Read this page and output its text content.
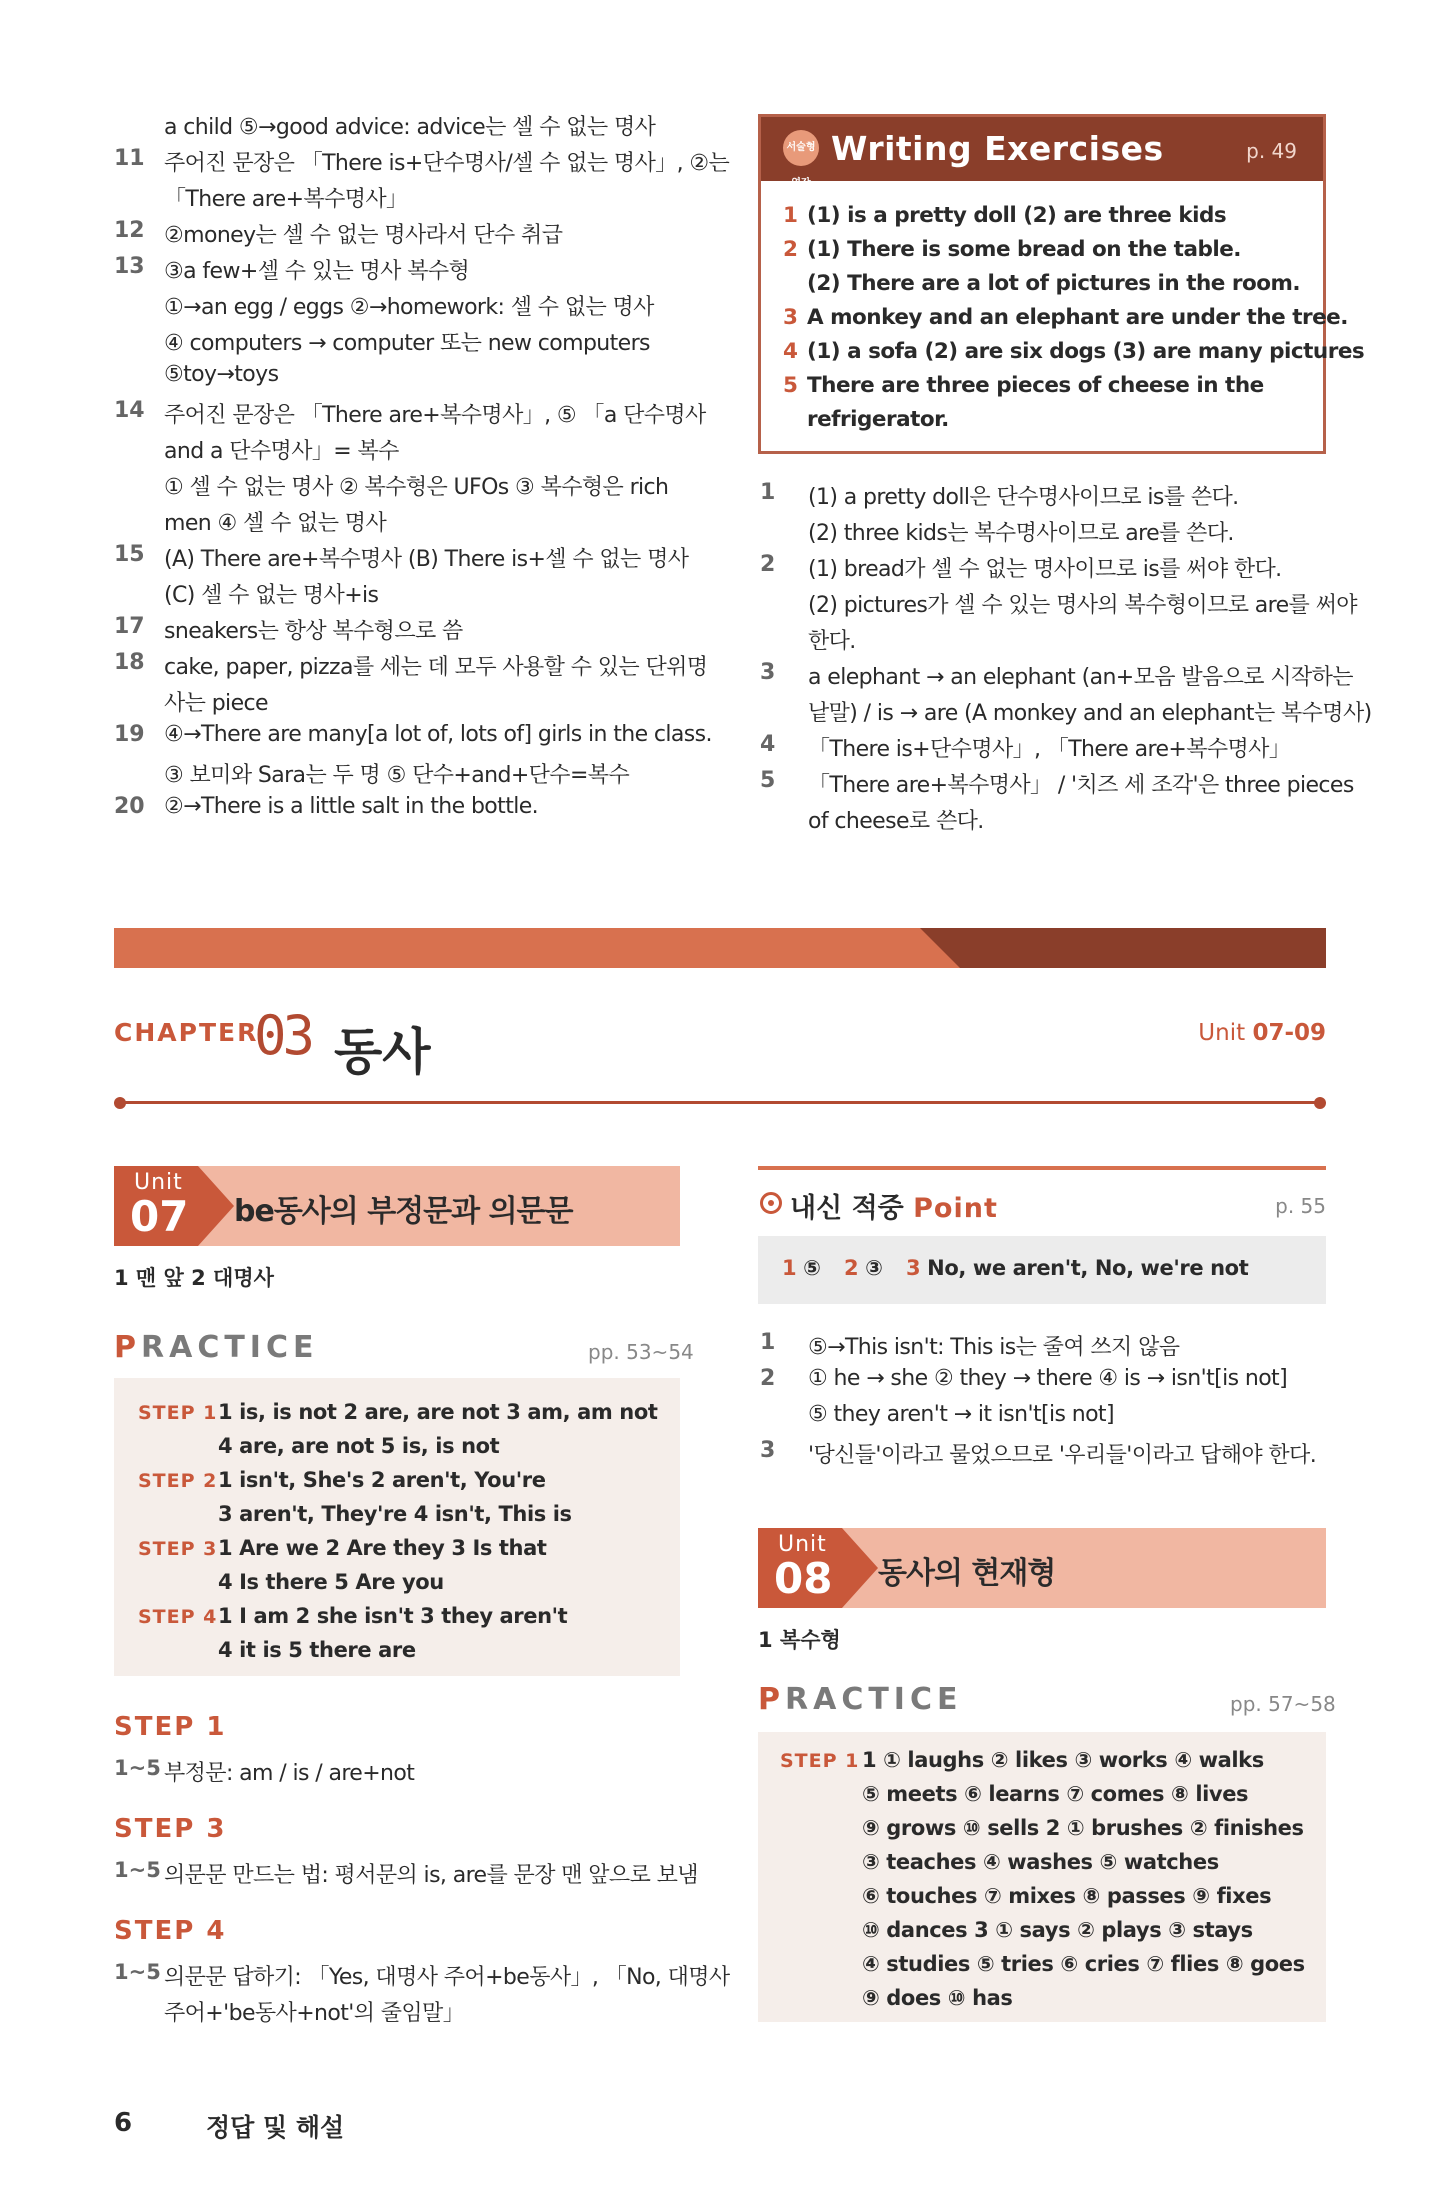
a child ⑤→good advice: advice는 셀 수 없는 명사
11 주어진 문장은 「There is+단수명사/셀 수 없는 명사」, ②는
「There are+복수명사」
12 ②money는 셀 수 없는 명사라서 단수 취급
13 ③a few+셀 수 있는 명사 복수형
①→an egg / eggs ②→homework: 셀 수 없는 명사
④ computers → computer 또는 new computers
⑤toy→toys
14 주어진 문장은 「There are+복수명사」, ⑤ 「a 단수명사
and a 단수명사」= 복수
① 셀 수 없는 명사 ② 복수형은 UFOs ③ 복수형은 rich
men ④ 셀 수 없는 명사
15 (A) There are+복수명사 (B) There is+셀 수 없는 명사
(C) 셀 수 없는 명사+is
17 sneakers는 항상 복수형으로 씀
18 cake, paper, pizza를 세는 데 모두 사용할 수 있는 단위명
사는 piece
19 ④→There are many[a lot of, lots of] girls in the class.
③ 보미와 Sara는 두 명 ⑤ 단수+and+단수=복수
20 ②→There is a little salt in the bottle.
서술형 영작
Writing Exercises	p. 49
1 (1) is a pretty doll (2) are three kids
2 (1) There is some bread on the table.
(2) There are a lot of pictures in the room.
3 A monkey and an elephant are under the tree.
4 (1) a sofa (2) are six dogs (3) are many pictures
5 There are three pieces of cheese in the
refrigerator.
1	(1) a pretty doll은 단수명사이므로 is를 쓴다.
(2) three kids는 복수명사이므로 are를 쓴다.
2	(1) bread가 셀 수 없는 명사이므로 is를 써야 한다.
(2) pictures가 셀 수 있는 명사의 복수형이므로 are를 써야
한다.
3	a elephant → an elephant (an+모음 발음으로 시작하는
낱말) / is → are (A monkey and an elephant는 복수명사)
4	「There is+단수명사」, 「There are+복수명사」
5	「There are+복수명사」 / '치즈 세 조각'은 three pieces
of cheese로 쓴다.
CHAPTER
03 동사	Unit 07-09
Unit
07 be동사의 부정문과 의문문
1 맨 앞 2 대명사
PRACTICE	pp. 53~54
STEP 1 1 is, is not 2 are, are not 3 am, am not
4 are, are not 5 is, is not
STEP 2 1 isn't, She's 2 aren't, You're
3 aren't, They're 4 isn't, This is
STEP 3 1 Are we 2 Are they 3 Is that
4 Is there 5 Are you
STEP 4 1 I am 2 she isn't 3 they aren't
4 it is 5 there are
STEP 1
1~5 부정문: am / is / are+not
STEP 3
1~5 의문문 만드는 법: 평서문의 is, are를 문장 맨 앞으로 보냄
STEP 4
1~5 의문문 답하기: 「Yes, 대명사 주어+be동사」, 「No, 대명사
주어+'be동사+not'의 줄임말」
내신 적중 Point	p. 55
1 ⑤ 2 ③ 3 No, we aren't, No, we're not
1	⑤→This isn't: This is는 줄여 쓰지 않음
2	① he → she ② they → there ④ is → isn't[is not]
⑤ they aren't → it isn't[is not]
3	'당신들'이라고 물었으므로 '우리들'이라고 답해야 한다.
Unit
08 동사의 현재형
1 복수형
PRACTICE	pp. 57~58
STEP 1 1 ① laughs ② likes ③ works ④ walks
⑤ meets ⑥ learns ⑦ comes ⑧ lives
⑨ grows ⑩ sells 2 ① brushes ② finishes
③ teaches ④ washes ⑤ watches
⑥ touches ⑦ mixes ⑧ passes ⑨ fixes
⑩ dances 3 ① says ② plays ③ stays
④ studies ⑤ tries ⑥ cries ⑦ flies ⑧ goes
⑨ does ⑩ has
6	정답 및 해설
